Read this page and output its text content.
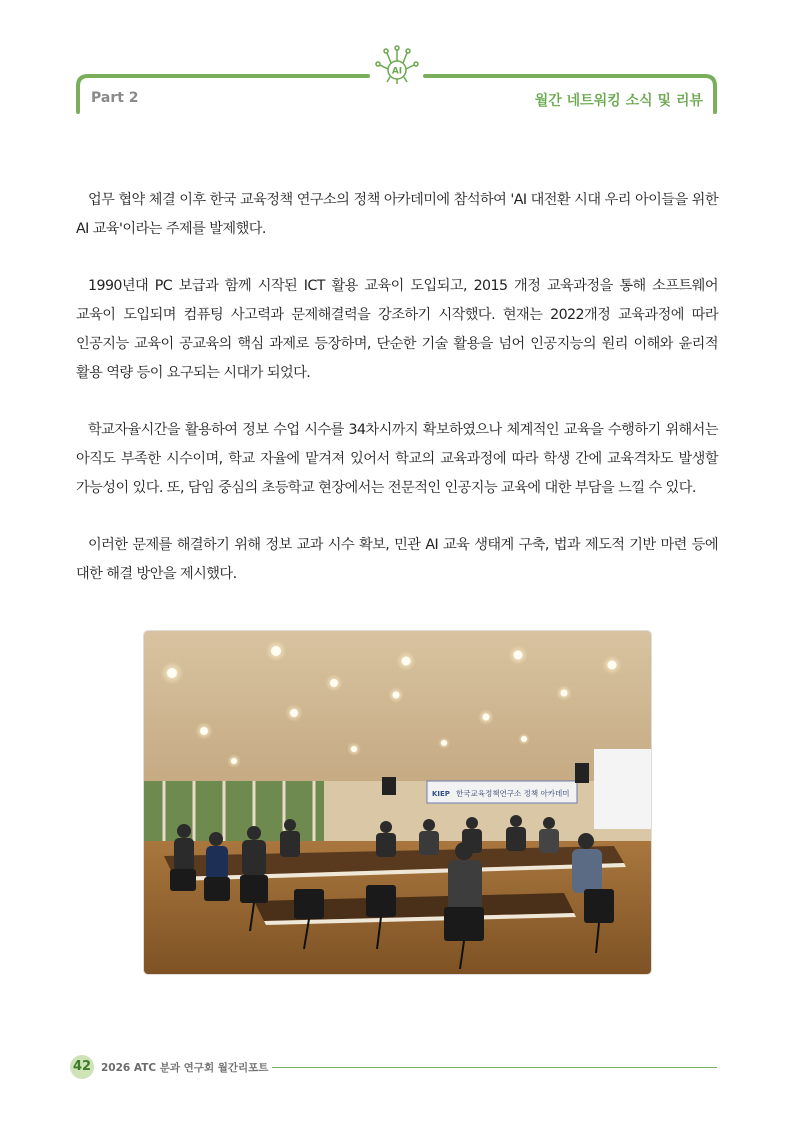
AI
Part 2	월간 네트워킹 소식 및 리뷰

업무 협약 체결 이후 한국 교육정책 연구소의 정책 아카데미에 참석하여 'AI 대전환 시대 우리 아이들을 위한 AI 교육'이라는 주제를 발제했다.

1990년대 PC 보급과 함께 시작된 ICT 활용 교육이 도입되고, 2015 개정 교육과정을 통해 소프트웨어 교육이 도입되며 컴퓨팅 사고력과 문제해결력을 강조하기 시작했다. 현재는 2022개정 교육과정에 따라 인공지능 교육이 공교육의 핵심 과제로 등장하며, 단순한 기술 활용을 넘어 인공지능의 원리 이해와 윤리적 활용 역량 등이 요구되는 시대가 되었다.

학교자율시간을 활용하여 정보 수업 시수를 34차시까지 확보하였으나 체계적인 교육을 수행하기 위해서는 아직도 부족한 시수이며, 학교 자율에 맡겨져 있어서 학교의 교육과정에 따라 학생 간에 교육격차도 발생할 가능성이 있다. 또, 담임 중심의 초등학교 현장에서는 전문적인 인공지능 교육에 대한 부담을 느낄 수 있다.

이러한 문제를 해결하기 위해 정보 교과 시수 확보, 민관 AI 교육 생태계 구축, 법과 제도적 기반 마련 등에 대한 해결 방안을 제시했다.

KIEP 한국교육정책연구소 정책 아카데미
42 2026 ATC 분과 연구회 월간리포트
